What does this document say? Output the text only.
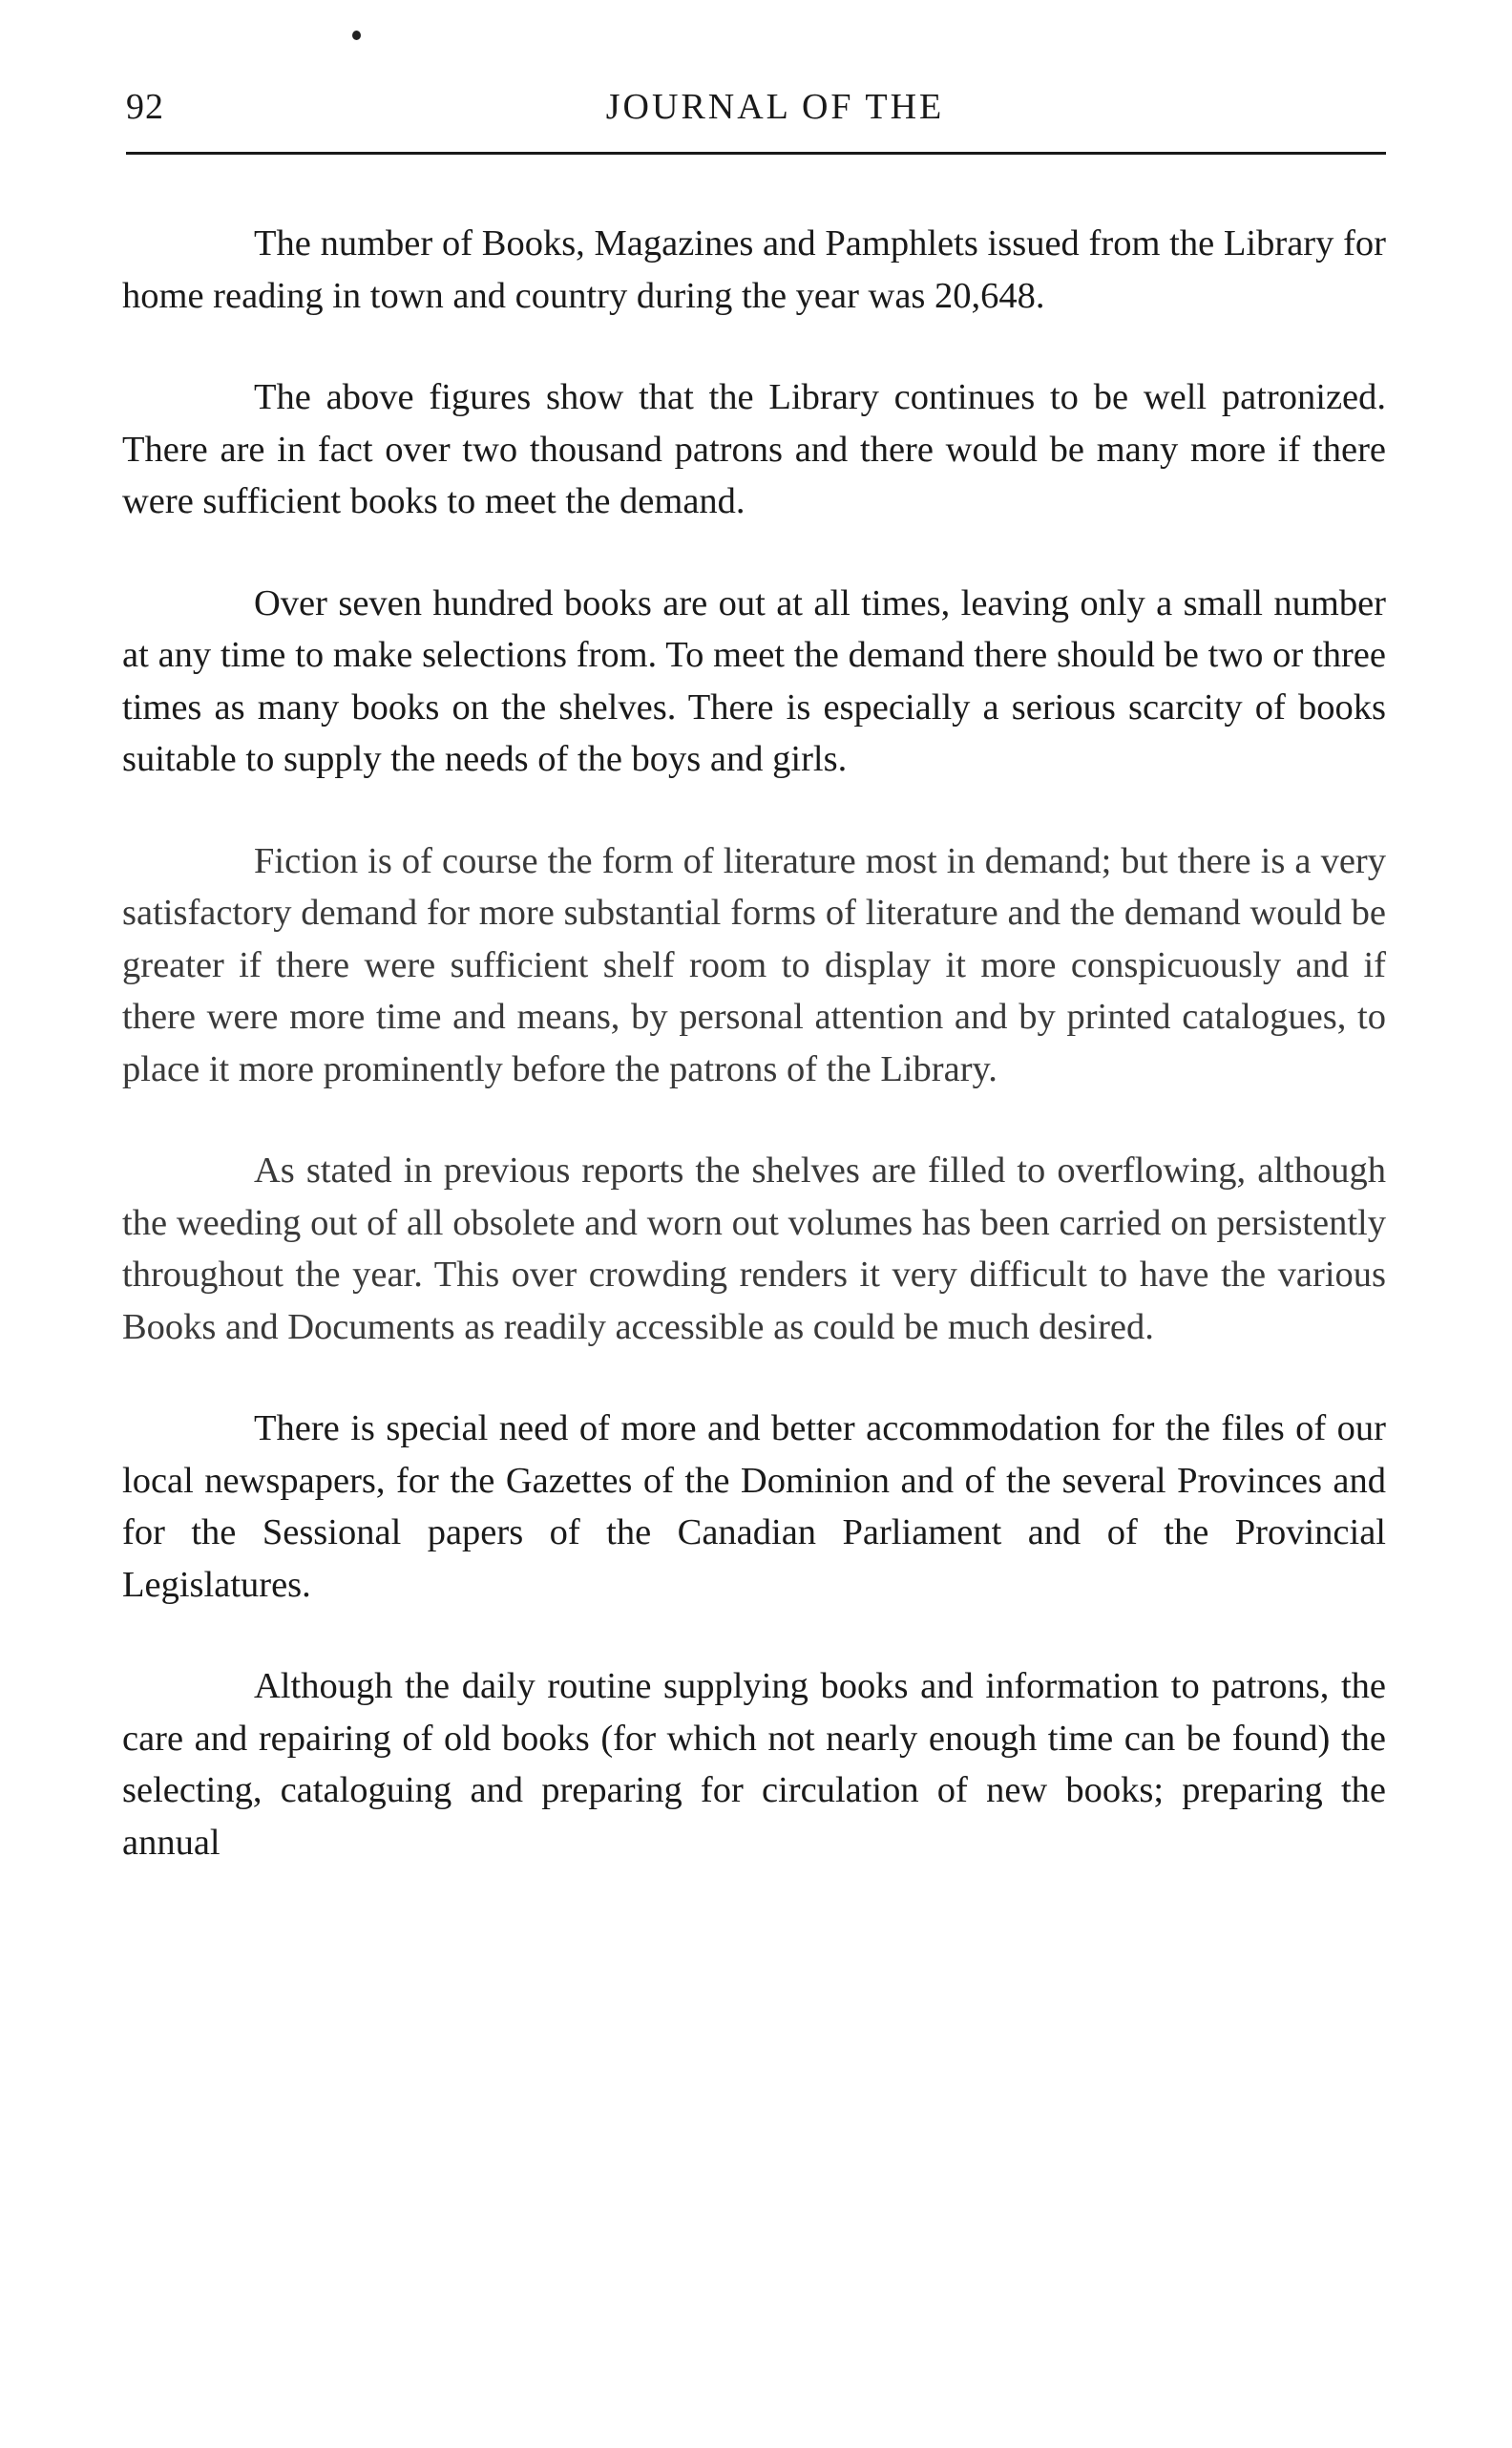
92	JOURNAL OF THE

The number of Books, Magazines and Pamphlets issued from the Library for home reading in town and country during the year was 20,648.

The above figures show that the Library continues to be well patronized. There are in fact over two thousand patrons and there would be many more if there were sufficient books to meet the demand.

Over seven hundred books are out at all times, leaving only a small number at any time to make selections from. To meet the demand there should be two or three times as many books on the shelves. There is especially a serious scarcity of books suitable to supply the needs of the boys and girls.

Fiction is of course the form of literature most in demand; but there is a very satisfactory demand for more substantial forms of literature and the demand would be greater if there were sufficient shelf room to display it more conspicuously and if there were more time and means, by personal attention and by printed catalogues, to place it more prominently before the patrons of the Library.

As stated in previous reports the shelves are filled to overflowing, although the weeding out of all obsolete and worn out volumes has been carried on persistently throughout the year. This over crowding renders it very difficult to have the various Books and Documents as readily accessible as could be much desired.

There is special need of more and better accommodation for the files of our local newspapers, for the Gazettes of the Dominion and of the several Provinces and for the Sessional papers of the Canadian Parliament and of the Provincial Legislatures.

Although the daily routine supplying books and information to patrons, the care and repairing of old books (for which not nearly enough time can be found) the selecting, cataloguing and preparing for circulation of new books; preparing the annual
